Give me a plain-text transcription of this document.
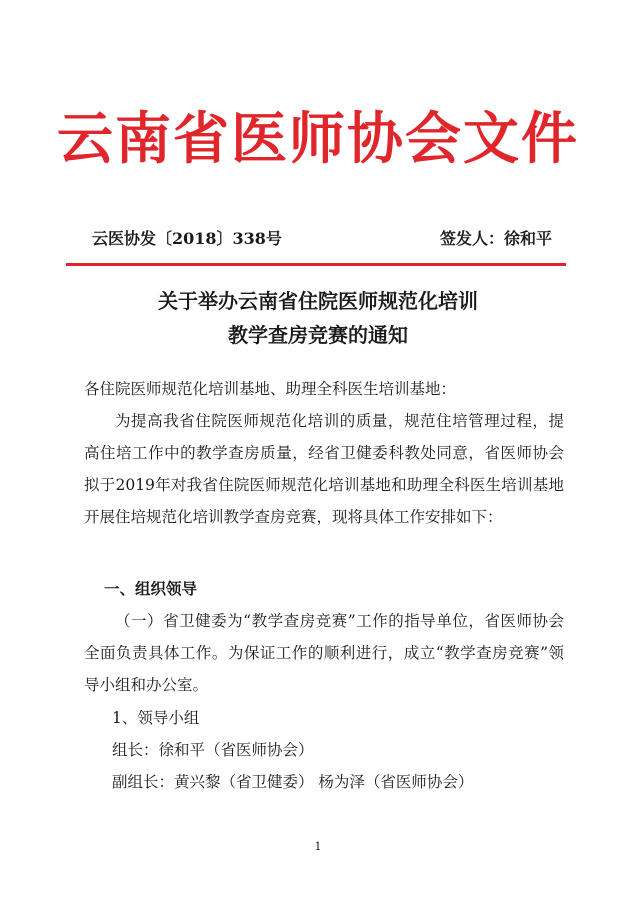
云南省医师协会文件
云医协发〔2018〕338号	签发人：徐和平
关于举办云南省住院医师规范化培训
教学查房竞赛的通知
各住院医师规范化培训基地、助理全科医生培训基地：
为提高我省住院医师规范化培训的质量，规范住培管理过程，提高住培工作中的教学查房质量，经省卫健委科教处同意，省医师协会拟于2019年对我省住院医师规范化培训基地和助理全科医生培训基地开展住培规范化培训教学查房竞赛，现将具体工作安排如下：
一、组织领导
（一）省卫健委为“教学查房竞赛”工作的指导单位，省医师协会全面负责具体工作。为保证工作的顺利进行，成立“教学查房竞赛”领导小组和办公室。
1、领导小组
组长：徐和平（省医师协会）
副组长：黄兴黎（省卫健委） 杨为泽（省医师协会）
1
